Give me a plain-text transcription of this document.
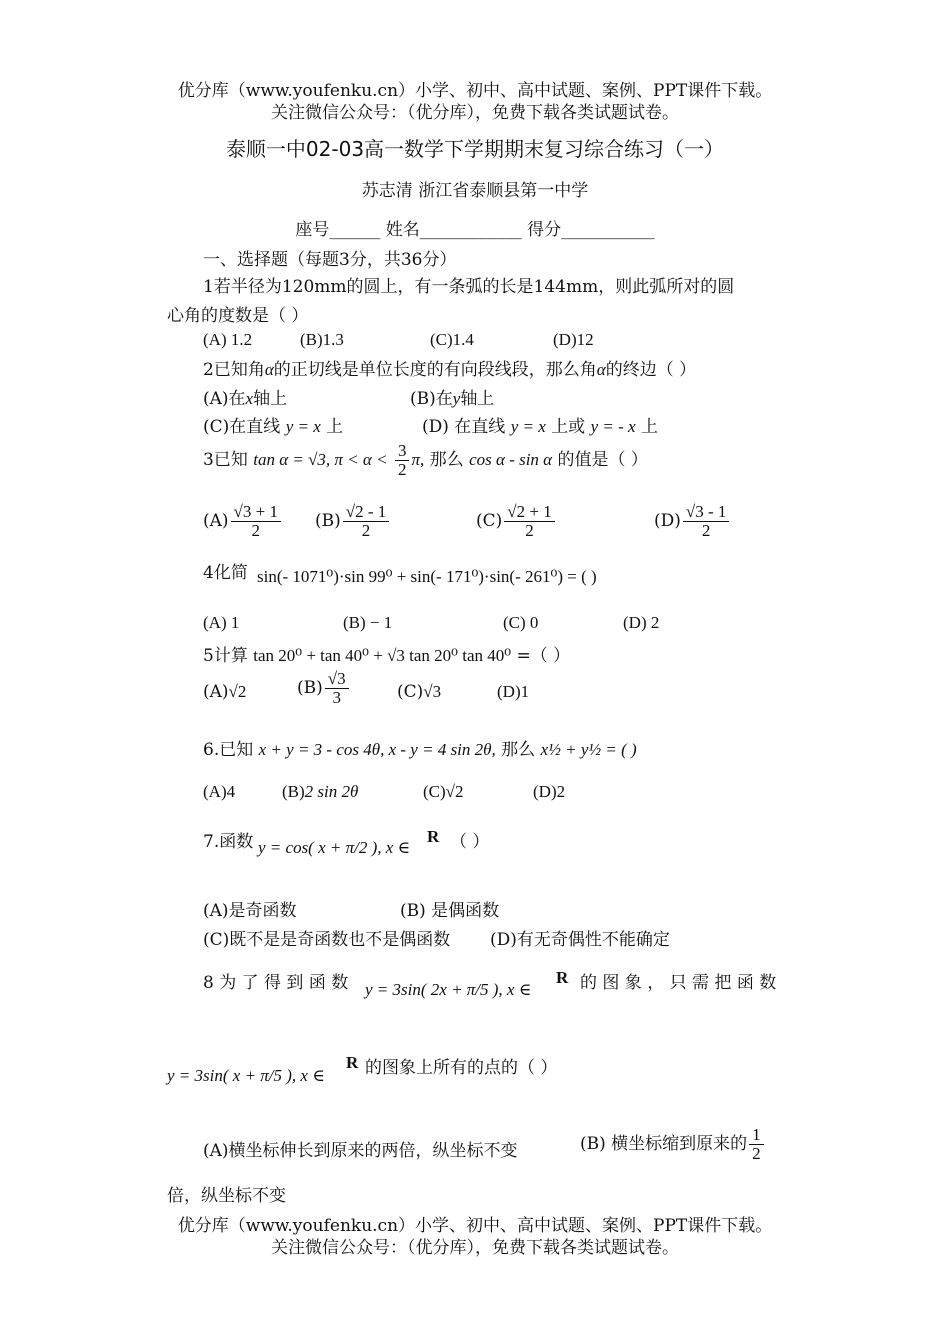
优分库（www.youfenku.cn）小学、初中、高中试题、案例、PPT课件下载。
关注微信公众号：（优分库），免费下载各类试题试卷。
泰顺一中02-03高一数学下学期期末复习综合练习（一）
苏志清 浙江省泰顺县第一中学
座号______ 姓名____________ 得分___________
一、选择题（每题3分，共36分）
1若半径为120mm的圆上，有一条弧的长是144mm，则此弧所对的圆
心角的度数是（ ）
(A) 1.2	(B)1.3	(C)1.4	(D)12
2已知角α的正切线是单位长度的有向段线段，那么角α的终边（ ）
(A)在x轴上	(B)在y轴上
(C)在直线 y = x 上	(D) 在直线 y = x 上或 y = - x 上
3已知 tan α = √3, $\pi < \alpha < \frac{3}{2} \pi$, 那么 cos α - sin α 的值是（ ）
$(A) \frac{√3 + 1}{2} (B) \frac{√2 - 1}{2}$	$(C) \frac{√2 + 1}{2}$	$(D) \frac{√3 - 1}{2}$
4化简 sin(- 1071⁰)·sin 99⁰ + sin(- 171⁰)·sin(- 261⁰) = ( )
(A) 1	(B) − 1	(C) 0	(D) 2
5计算 tan 20⁰ + tan 40⁰ + √3 tan 20⁰ tan 40⁰ =（ ）
(A)√2	$(B) \frac{√3}{3}$	(C)√3	(D)1
6.已知 x + y = 3 - cos 4θ, x - y = 4 sin 2θ, 那么 x½ + y½ = ( )
(A)4	(B)2 sin 2θ	(C)√2	(D)2
7.函数 y = cos( x + π/2 ), x ∈
R （ ）
(A)是奇函数	(B) 是偶函数
(C)既不是是奇函数也不是偶函数 (D)有无奇偶性不能确定
8 为 了 得 到 函 数 y = 3sin( 2x + π/5 ), x ∈
R 的 图 象 ， 只 需 把 函 数
y = 3sin( x + π/5 ), x ∈
R 的图象上所有的点的（ ）
(A)横坐标伸长到原来的两倍，纵坐标不变	(B) 横坐标缩到原来的 $\frac{1}{2}$
倍，纵坐标不变
优分库（www.youfenku.cn）小学、初中、高中试题、案例、PPT课件下载。
关注微信公众号：（优分库），免费下载各类试题试卷。
